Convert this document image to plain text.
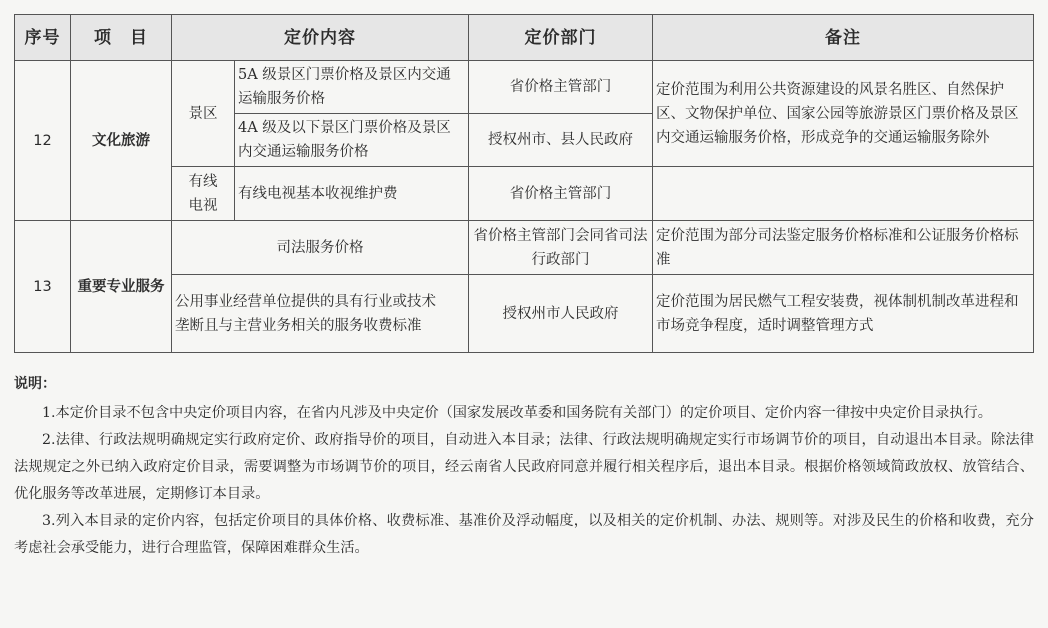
序号	项　目	定价内容		定价部门	备注
12	文化旅游	景区	5A 级景区门票价格及景区内交通运输服务价格	省价格主管部门	定价范围为利用公共资源建设的风景名胜区、自然保护区、文物保护单位、国家公园等旅游景区门票价格及景区内交通运输服务价格，形成竞争的交通运输服务除外
			4A 级及以下景区门票价格及景区内交通运输服务价格	授权州市、县人民政府	
		有线电视	有线电视基本收视维护费	省价格主管部门	
13	重要专业服务	司法服务价格		省价格主管部门会同省司法行政部门	定价范围为部分司法鉴定服务价格标准和公证服务价格标准
		公用事业经营单位提供的具有行业或技术垄断且与主营业务相关的服务收费标准		授权州市人民政府	定价范围为居民燃气工程安装费，视体制机制改革进程和市场竞争程度，适时调整管理方式
说明：

1.本定价目录不包含中央定价项目内容，在省内凡涉及中央定价（国家发展改革委和国务院有关部门）的定价项目、定价内容一律按中央定价目录执行。

2.法律、行政法规明确规定实行政府定价、政府指导价的项目，自动进入本目录；法律、行政法规明确规定实行市场调节价的项目，自动退出本目录。除法律法规规定之外已纳入政府定价目录，需要调整为市场调节价的项目，经云南省人民政府同意并履行相关程序后，退出本目录。根据价格领域简政放权、放管结合、优化服务等改革进展，定期修订本目录。

3.列入本目录的定价内容，包括定价项目的具体价格、收费标准、基准价及浮动幅度，以及相关的定价机制、办法、规则等。对涉及民生的价格和收费，充分考虑社会承受能力，进行合理监管，保障困难群众生活。
